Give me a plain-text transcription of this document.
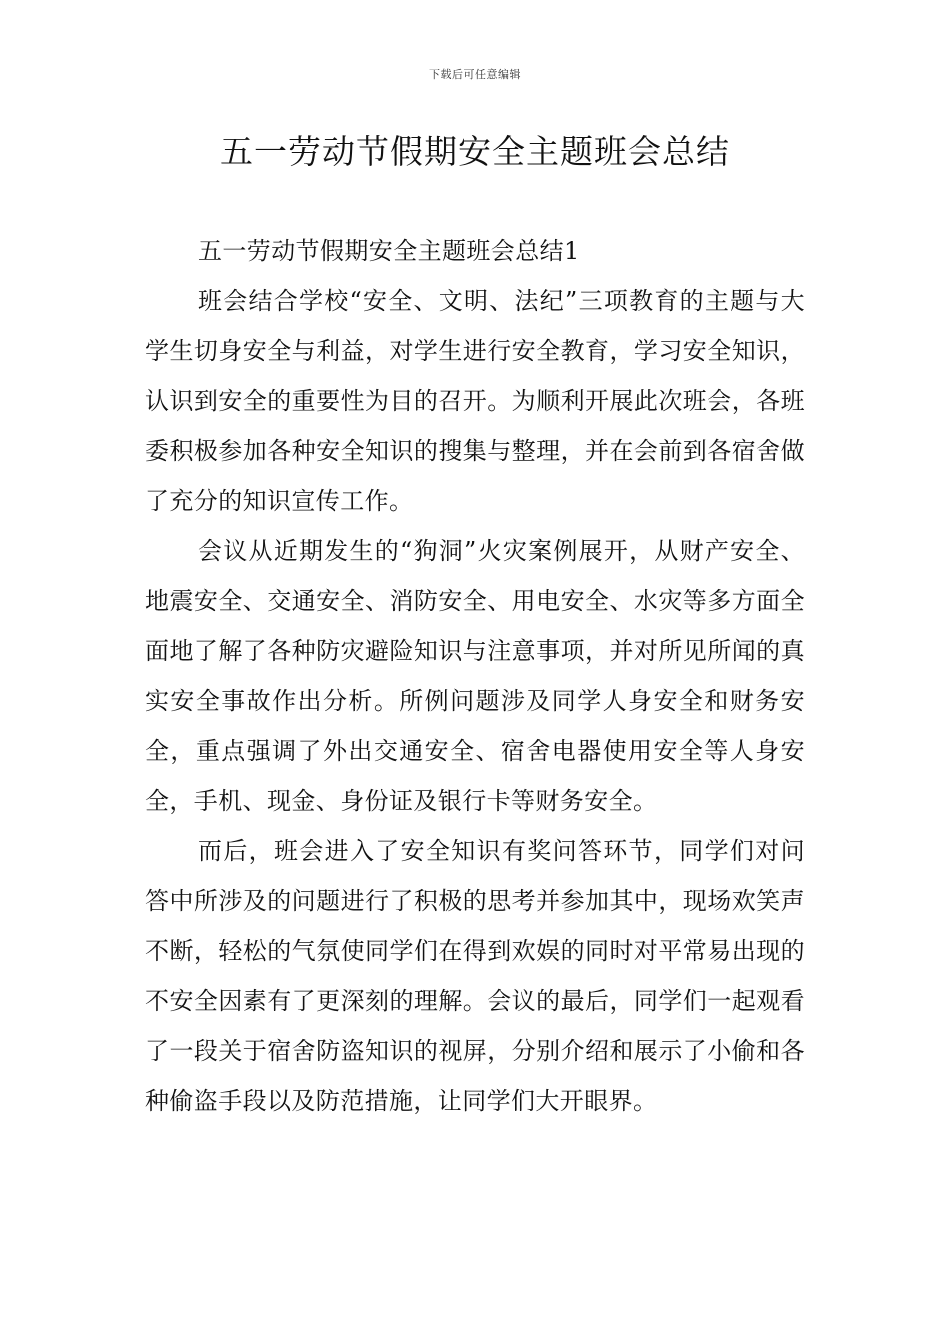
下载后可任意编辑
五一劳动节假期安全主题班会总结

五一劳动节假期安全主题班会总结1

班会结合学校“安全、文明、法纪”三项教育的主题与大学生切身安全与利益，对学生进行安全教育，学习安全知识，认识到安全的重要性为目的召开。为顺利开展此次班会，各班委积极参加各种安全知识的搜集与整理，并在会前到各宿舍做了充分的知识宣传工作。

会议从近期发生的“狗洞”火灾案例展开，从财产安全、地震安全、交通安全、消防安全、用电安全、水灾等多方面全面地了解了各种防灾避险知识与注意事项，并对所见所闻的真实安全事故作出分析。所例问题涉及同学人身安全和财务安全，重点强调了外出交通安全、宿舍电器使用安全等人身安全，手机、现金、身份证及银行卡等财务安全。

而后，班会进入了安全知识有奖问答环节，同学们对问答中所涉及的问题进行了积极的思考并参加其中，现场欢笑声不断，轻松的气氛使同学们在得到欢娱的同时对平常易出现的不安全因素有了更深刻的理解。会议的最后，同学们一起观看了一段关于宿舍防盗知识的视屏，分别介绍和展示了小偷和各种偷盗手段以及防范措施，让同学们大开眼界。
